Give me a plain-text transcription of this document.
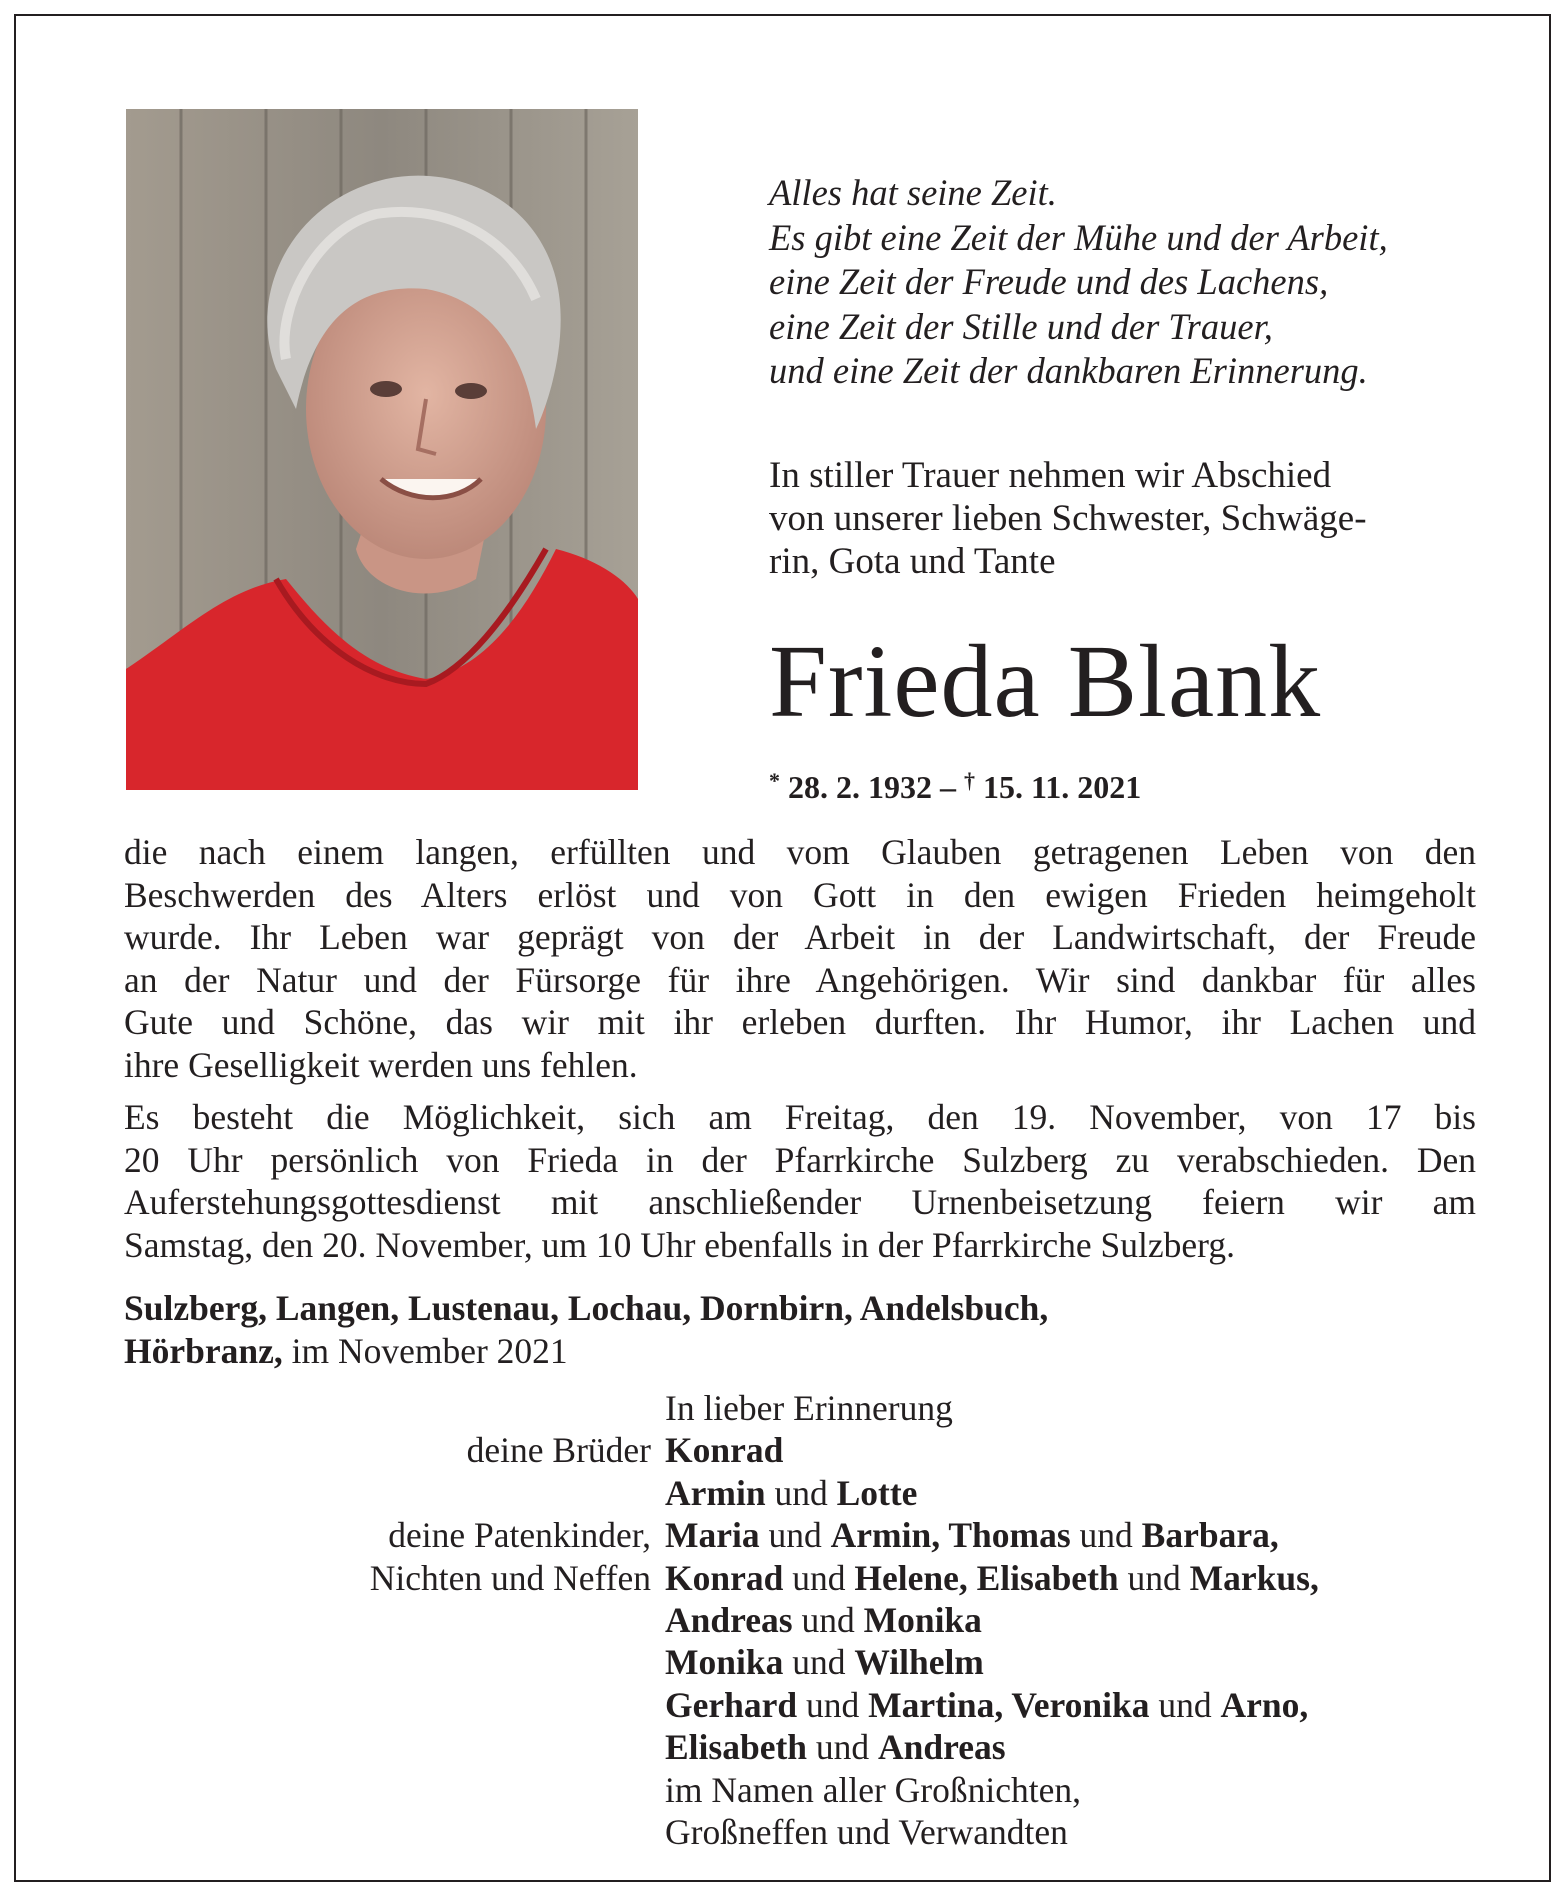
Alles hat seine Zeit.
Es gibt eine Zeit der Mühe und der Arbeit,
eine Zeit der Freude und des Lachens,
eine Zeit der Stille und der Trauer,
und eine Zeit der dankbaren Erinnerung.
In stiller Trauer nehmen wir Abschied
von unserer lieben Schwester, Schwäge-
rin, Gota und Tante
Frieda Blank
* 28. 2. 1932 – † 15. 11. 2021
die nach einem langen, erfüllten und vom Glauben getragenen Leben von den
Beschwerden des Alters erlöst und von Gott in den ewigen Frieden heimgeholt
wurde. Ihr Leben war geprägt von der Arbeit in der Landwirtschaft, der Freude
an der Natur und der Fürsorge für ihre Angehörigen. Wir sind dankbar für alles
Gute und Schöne, das wir mit ihr erleben durften. Ihr Humor, ihr Lachen und
ihre Geselligkeit werden uns fehlen.
Es besteht die Möglichkeit, sich am Freitag, den 19. November, von 17 bis
20 Uhr persönlich von Frieda in der Pfarrkirche Sulzberg zu verabschieden. Den
Auferstehungsgottesdienst mit anschließender Urnenbeisetzung feiern wir am
Samstag, den 20. November, um 10 Uhr ebenfalls in der Pfarrkirche Sulzberg.
Sulzberg, Langen, Lustenau, Lochau, Dornbirn, Andelsbuch,
Hörbranz, im November 2021
In lieber Erinnerung
deine Brüder Konrad
Armin und Lotte
deine Patenkinder, Maria und Armin, Thomas und Barbara,
Nichten und Neffen Konrad und Helene, Elisabeth und Markus,
Andreas und Monika
Monika und Wilhelm
Gerhard und Martina, Veronika und Arno,
Elisabeth und Andreas
im Namen aller Großnichten,
Großneffen und Verwandten
